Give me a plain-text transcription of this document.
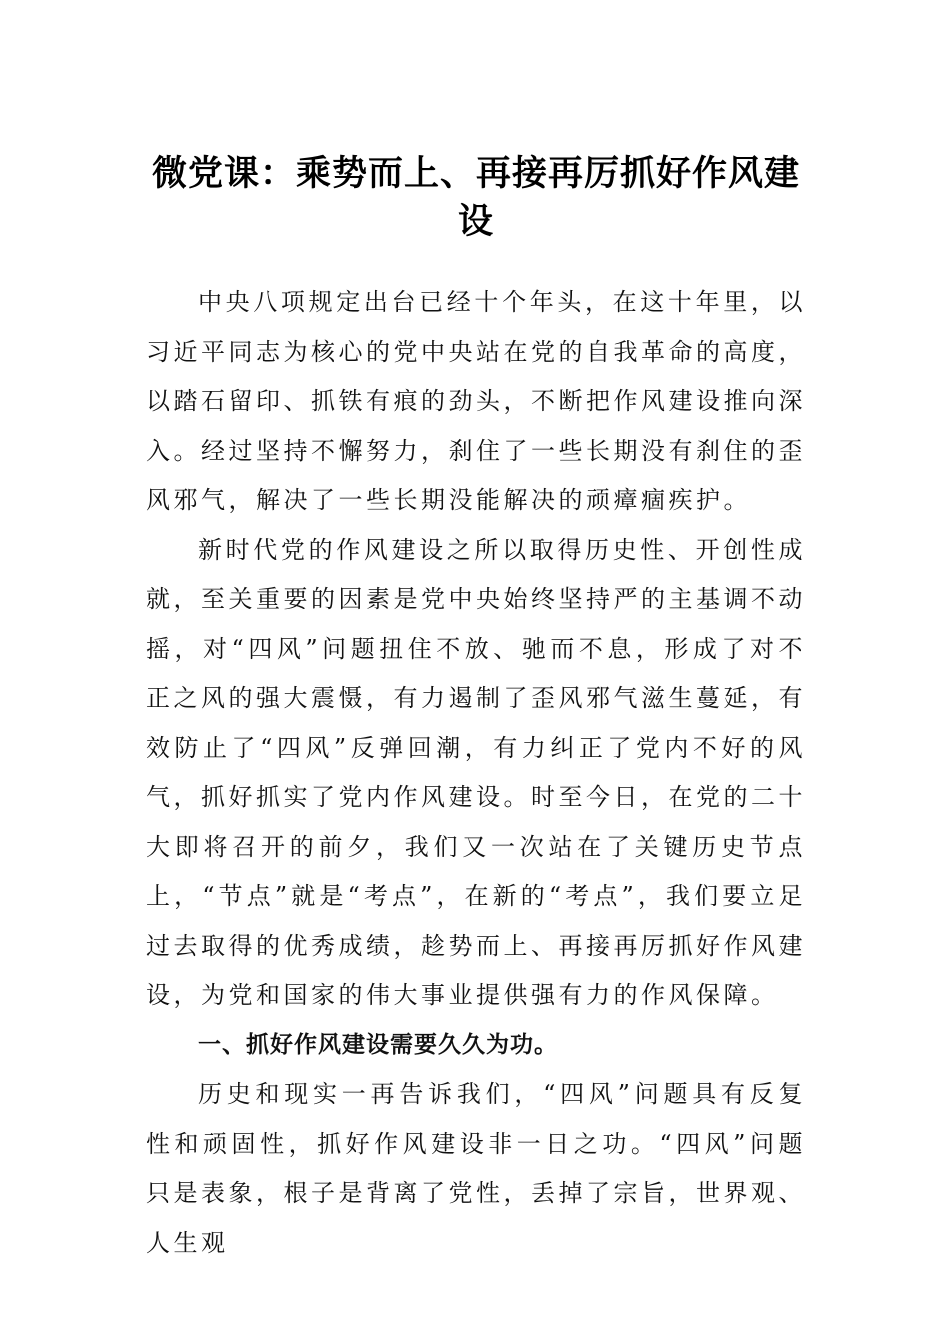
微党课：乘势而上、再接再厉抓好作风建设

中央八项规定出台已经十个年头，在这十年里，以习近平同志为核心的党中央站在党的自我革命的高度，以踏石留印、抓铁有痕的劲头，不断把作风建设推向深入。经过坚持不懈努力，刹住了一些长期没有刹住的歪风邪气，解决了一些长期没能解决的顽瘴痼疾护。

新时代党的作风建设之所以取得历史性、开创性成就，至关重要的因素是党中央始终坚持严的主基调不动摇，对“四风”问题扭住不放、驰而不息，形成了对不正之风的强大震慑，有力遏制了歪风邪气滋生蔓延，有效防止了“四风”反弹回潮，有力纠正了党内不好的风气，抓好抓实了党内作风建设。时至今日，在党的二十大即将召开的前夕，我们又一次站在了关键历史节点上，“节点”就是“考点”，在新的“考点”，我们要立足过去取得的优秀成绩，趁势而上、再接再厉抓好作风建设，为党和国家的伟大事业提供强有力的作风保障。

一、抓好作风建设需要久久为功。

历史和现实一再告诉我们，“四风”问题具有反复性和顽固性，抓好作风建设非一日之功。“四风”问题只是表象，根子是背离了党性，丢掉了宗旨，世界观、人生观
